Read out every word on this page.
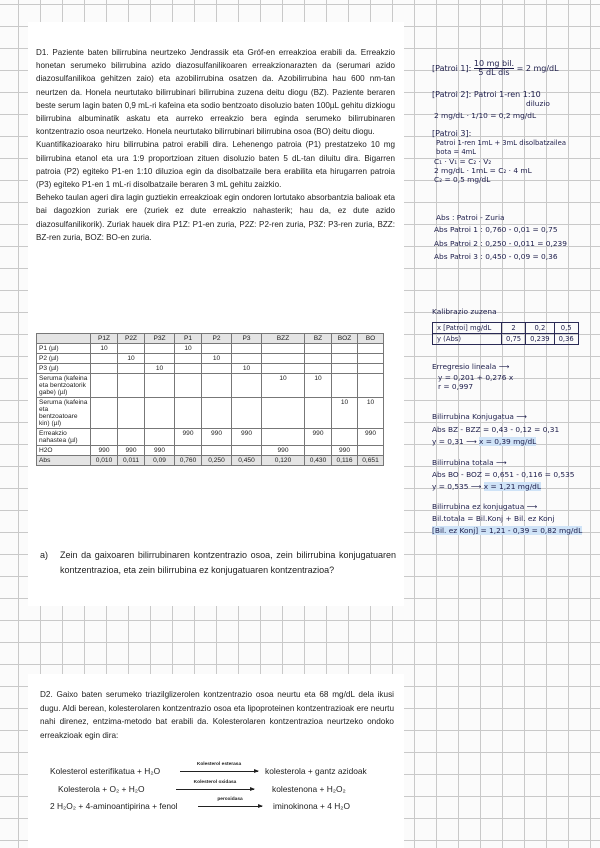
D1. Paziente baten bilirrubina neurtzeko Jendrassik eta Gróf-en erreakzioa erabili da. Erreakzio honetan serumeko bilirrubina azido diazosulfanilikoaren erreakzionarazten da (serumari azido diazosulfanilikoa gehitzen zaio) eta azobilirrubina osatzen da. Azobilirrubina hau 600 nm-tan neurtzen da. Honela neurtutako bilirrubinari bilirrubina zuzena deitu diogu (BZ). Paziente beraren beste serum lagin baten 0,9 mL-ri kafeina eta sodio bentzoato disoluzio baten 100µL gehitu dizkiogu bilirrubina albuminatik askatu eta aurreko erreakzio bera eginda serumeko bilirrubinaren kontzentrazio osoa neurtzeko. Honela neurtutako bilirrubinari bilirrubina osoa (BO) deitu diogu.

Kuantifikazioarako hiru bilirrubina patroi erabili dira. Lehenengo patroia (P1) prestatzeko 10 mg bilirrubina etanol eta ura 1:9 proportzioan zituen disoluzio baten 5 dL-tan diluitu dira. Bigarren patroia (P2) egiteko P1-en 1:10 diluzioa egin da disolbatzaile bera erabilita eta hirugarren patroia (P3) egiteko P1-en 1 mL-ri disolbatzaile beraren 3 mL gehitu zaizkio.

Beheko taulan ageri dira lagin guztiekin erreakzioak egin ondoren lortutako absorbantzia balioak eta bai dagozkion zuriak ere (zuriek ez dute erreakzio nahasterik; hau da, ez dute azido diazosulfanilikorik). Zuriak hauek dira P1Z: P1-en zuria, P2Z: P2-ren zuria, P3Z: P3-ren zuria, BZZ: BZ-ren zuria, BOZ: BO-en zuria.

	P1Z	P2Z	P3Z	P1	P2	P3	BZZ	BZ	BOZ	BO
P1 (µl)	10			10						
P2 (µl)		10			10					
P3 (µl)			10			10				
Seruma (kafeina eta bentzoatorik gabe) (µl)							10	10		
Seruma (kafeina eta bentzoatoare kin) (µl)									10	10
Erreakzio nahastea (µl)				990	990	990		990		990
H2O	990	990	990				990		990	
Abs	0,010	0,011	0,09	0,760	0,250	0,450	0,120	0,430	0,116	0,651
a) Zein da gaixoaren bilirrubinaren kontzentrazio osoa, zein bilirrubina konjugatuaren kontzentrazioa, eta zein bilirrubina ez konjugatuaren kontzentrazioa?
D2. Gaixo baten serumeko triazilglizerolen kontzentrazio osoa neurtu eta 68 mg/dL dela ikusi dugu. Aldi berean, kolesterolaren kontzentrazio osoa eta lipoproteinen kontzentrazioak ere neurtu nahi direnez, entzima-metodo bat erabili da. Kolesterolaren kontzentrazioa neurtzeko ondoko erreakzioak egin dira:
Kolesterol esterifikatua + H₂O
Kolesterol esterasa
kolesterola + gantz azidoak
Kolesterola + O₂ + H₂O
Kolesterol oxidasa
kolestenona + H₂O₂
2 H₂O₂ + 4-aminoantipirina + fenol
peroxidasa
→ iminokinona + 4 H₂O
[Patroi 1]: $\frac{\text{10 mg bil.}}{\text{5 dL dis}} = 2$ mg/dL
[Patroi 2]: Patroi 1-ren 1:10
diluzio
2 mg/dL · 1/10 = 0,2 mg/dL
[Patroi 3]:
Patroi 1-ren 1mL + 3mL disolbatzailea bota = 4mL
C₁ · V₁ = C₂ · V₂
2 mg/dL · 1mL = C₂ · 4 mL
C₂ = 0,5 mg/dL
Abs : Patroi - Zuria
Abs Patroi 1 : 0,760 - 0,01 = 0,75
Abs Patroi 2 : 0,250 - 0,011 = 0,239
Abs Patroi 3 : 0,450 - 0,09 = 0,36
Kalibrazio zuzena
x [Patroi] mg/dL	2	0,2	0,5
y (Abs)	0,75	0,239	0,36
Erregresio lineala ⟶
y = 0,201 + 0,276 x
r = 0,997
Bilirrubina Konjugatua ⟶
Abs BZ - BZZ = 0,43 - 0,12 = 0,31
y = 0,31 ⟶ x = 0,39 mg/dL
Bilirrubina totala ⟶
Abs BO - BOZ = 0,651 - 0,116 = 0,535
y = 0,535 ⟶ x = 1,21 mg/dL
Bilirrubina ez konjugatua ⟶
Bil.totala = Bil.Konj + Bil. ez Konj
[Bil. ez Konj] = 1,21 - 0,39 = 0,82 mg/dL
